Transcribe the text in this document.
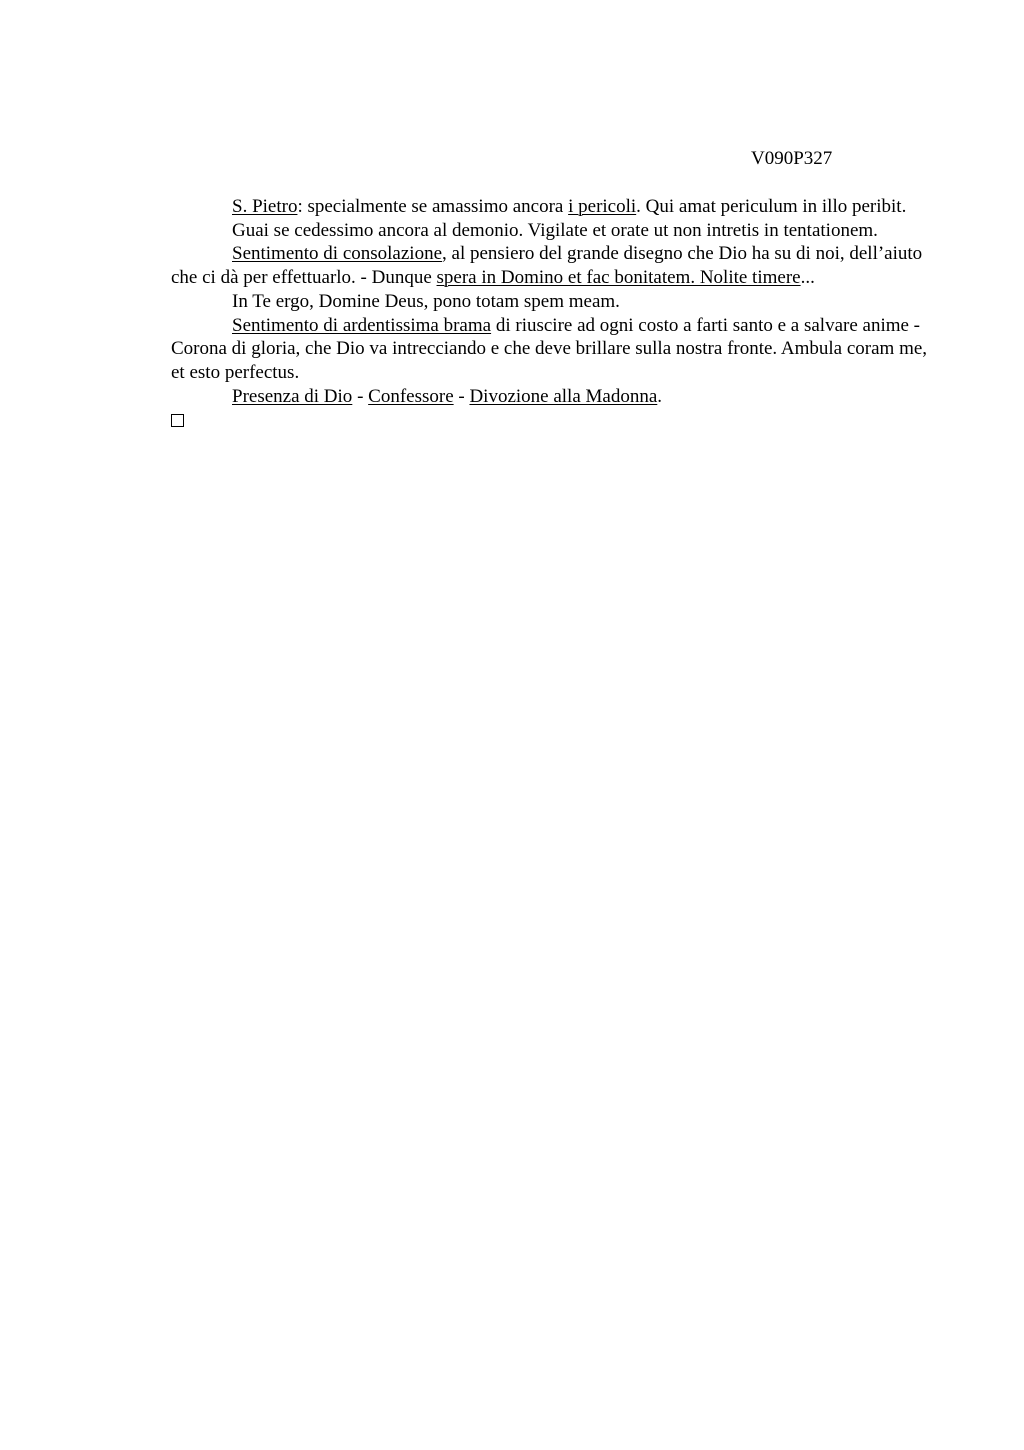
V090P327

S. Pietro: specialmente se amassimo ancora i pericoli. Qui amat periculum in illo peribit.

Guai se cedessimo ancora al demonio. Vigilate et orate ut non intretis in tentationem.

Sentimento di consolazione, al pensiero del grande disegno che Dio ha su di noi, dell’aiuto che ci dà per effettuarlo. - Dunque spera in Domino et fac bonitatem. Nolite timere...

In Te ergo, Domine Deus, pono totam spem meam.

Sentimento di ardentissima brama di riuscire ad ogni costo a farti santo e a salvare anime - Corona di gloria, che Dio va intrecciando e che deve brillare sulla nostra fronte. Ambula coram me, et esto perfectus.

Presenza di Dio - Confessore - Divozione alla Madonna.
